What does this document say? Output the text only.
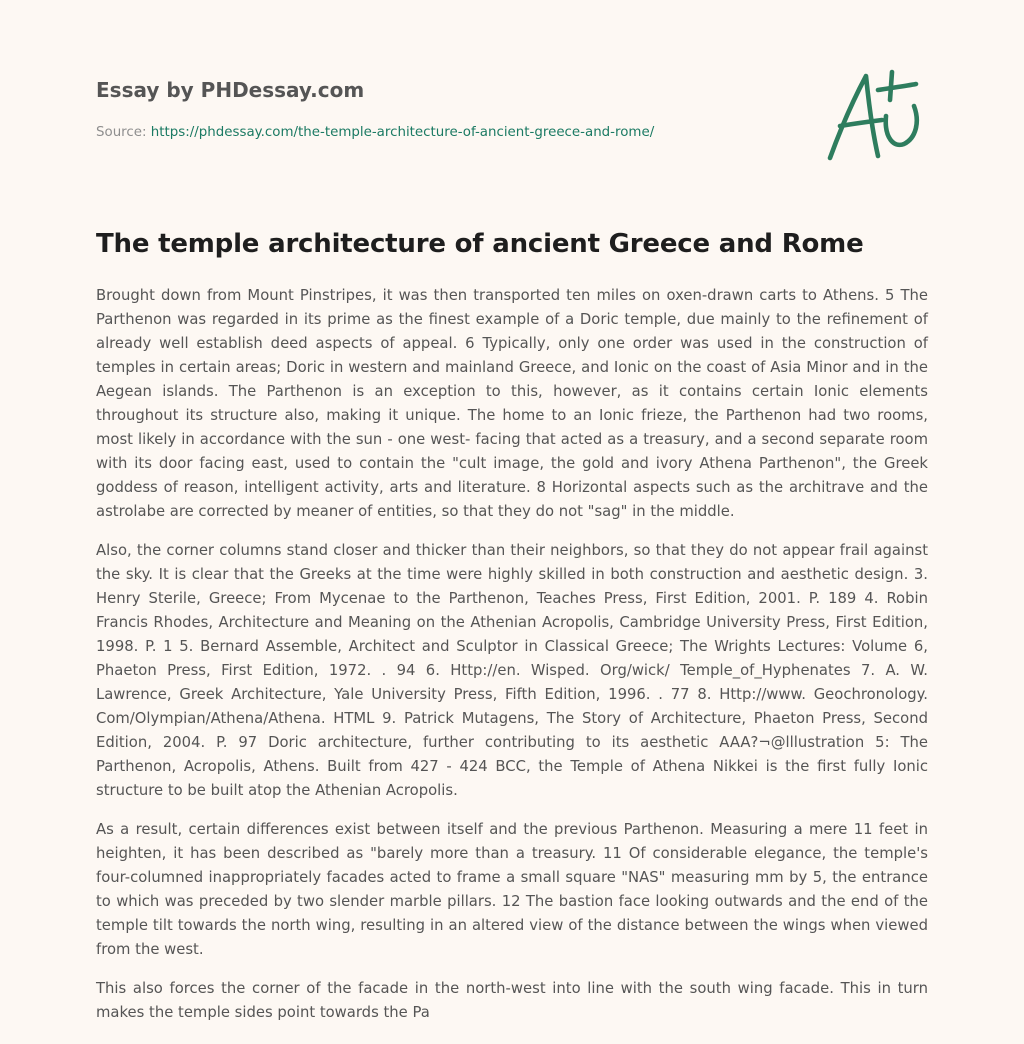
Essay by PHDessay.com
Source: https://phdessay.com/the-temple-architecture-of-ancient-greece-and-rome/
The temple architecture of ancient Greece and Rome

Brought down from Mount Pinstripes, it was then transported ten miles on oxen-drawn carts to Athens. 5 The Parthenon was regarded in its prime as the finest example of a Doric temple, due mainly to the refinement of already well establish deed aspects of appeal. 6 Typically, only one order was used in the construction of temples in certain areas; Doric in western and mainland Greece, and Ionic on the coast of Asia Minor and in the Aegean islands. The Parthenon is an exception to this, however, as it contains certain Ionic elements throughout its structure also, making it unique. The home to an Ionic frieze, the Parthenon had two rooms, most likely in accordance with the sun - one west- facing that acted as a treasury, and a second separate room with its door facing east, used to contain the "cult image, the gold and ivory Athena Parthenon", the Greek goddess of reason, intelligent activity, arts and literature. 8 Horizontal aspects such as the architrave and the astrolabe are corrected by meaner of entities, so that they do not "sag" in the middle.

Also, the corner columns stand closer and thicker than their neighbors, so that they do not appear frail against the sky. It is clear that the Greeks at the time were highly skilled in both construction and aesthetic design. 3. Henry Sterile, Greece; From Mycenae to the Parthenon, Teaches Press, First Edition, 2001. P. 189 4. Robin Francis Rhodes, Architecture and Meaning on the Athenian Acropolis, Cambridge University Press, First Edition, 1998. P. 1 5. Bernard Assemble, Architect and Sculptor in Classical Greece; The Wrights Lectures: Volume 6, Phaeton Press, First Edition, 1972. . 94 6. Http://en. Wisped. Org/wick/ Temple_of_Hyphenates 7. A. W. Lawrence, Greek Architecture, Yale University Press, Fifth Edition, 1996. . 77 8. Http://www. Geochronology. Com/Olympian/Athena/Athena. HTML 9. Patrick Mutagens, The Story of Architecture, Phaeton Press, Second Edition, 2004. P. 97 Doric architecture, further contributing to its aesthetic AAA?¬@lllustration 5: The Parthenon, Acropolis, Athens. Built from 427 - 424 BCC, the Temple of Athena Nikkei is the first fully Ionic structure to be built atop the Athenian Acropolis.

As a result, certain differences exist between itself and the previous Parthenon. Measuring a mere 11 feet in heighten, it has been described as "barely more than a treasury. 11 Of considerable elegance, the temple's four-columned inappropriately facades acted to frame a small square "NAS" measuring mm by 5, the entrance to which was preceded by two slender marble pillars. 12 The bastion face looking outwards and the end of the temple tilt towards the north wing, resulting in an altered view of the distance between the wings when viewed from the west.

This also forces the corner of the facade in the north-west into line with the south wing facade. This in turn makes the temple sides point towards the Pa
